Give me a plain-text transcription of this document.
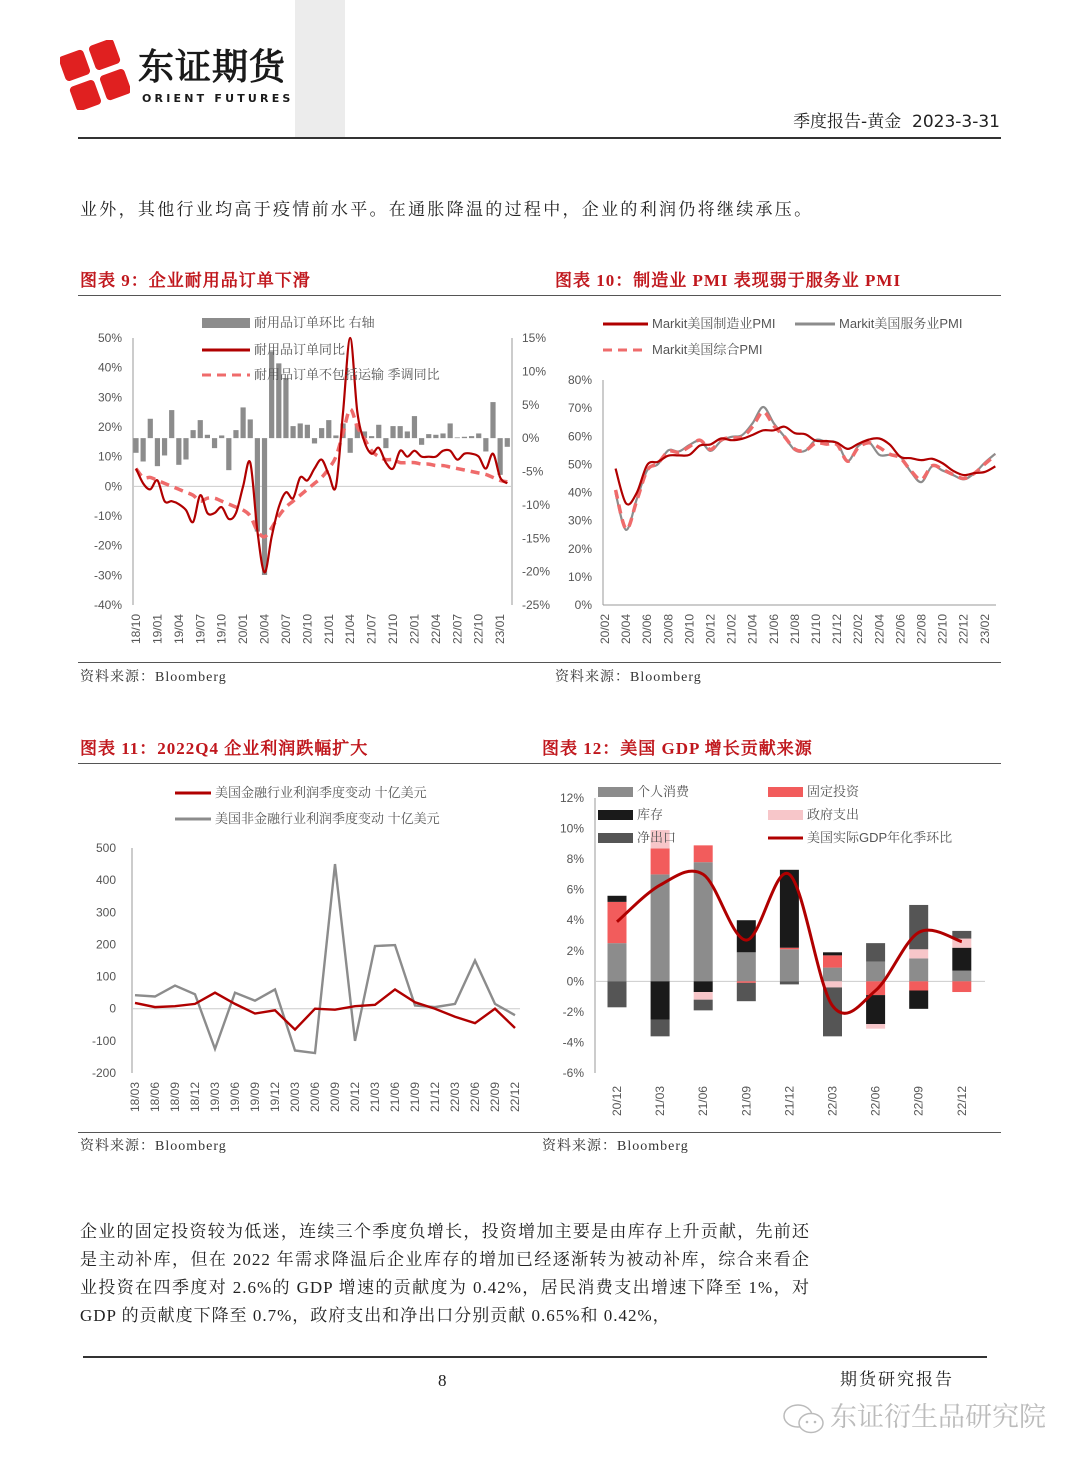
东证期货
ORIENT FUTURES
季度报告-黄金 2023-3-31
业外，其他行业均高于疫情前水平。在通胀降温的过程中，企业的利润仍将继续承压。
图表 9：企业耐用品订单下滑	图表 10：制造业 PMI 表现弱于服务业 PMI
50%
40%
30%
20%
10%
0%
-10%
-20%
-30%
-40%
15%
10%
5%
0%
-5%
-10%
-15%
-20%
-25%
18/10 19/01 19/04 19/07 19/10 20/01 20/04 20/07 20/10 21/01 21/04 21/07 21/10 22/01 22/04 22/07 22/10 23/01
耐用品订单环比 右轴
耐用品订单同比
耐用品订单不包括运输 季调同比	80%
70%
60%
50%
40%
30%
20%
10%
0%
20/02 20/04 20/06 20/08 20/10 20/12 21/02 21/04 21/06 21/08 21/10 21/12 22/02 22/04 22/06 22/08 22/10 22/12 23/02
Markit美国制造业PMI	Markit美国服务业PMI
Markit美国综合PMI
资料来源：Bloomberg	资料来源：Bloomberg
图表 11：2022Q4 企业利润跌幅扩大	图表 12：美国 GDP 增长贡献来源
500
400
300
200
100
0
-100
-200
18/03 18/06 18/09 18/12 19/03 19/06 19/09 19/12 20/03 20/06 20/09 20/12 21/03 21/06 21/09 21/12 22/03 22/06 22/09 22/12
美国金融行业利润季度变动 十亿美元
美国非金融行业利润季度变动 十亿美元
12%
10%
8%
6%
4%
2%
0%
-2%
-4%
-6%
20/12 21/03 21/06 21/09 21/12 22/03 22/06 22/09 22/12
个人消费
库存
净出口
固定投资
政府支出
美国实际GDP年化季环比
资料来源：Bloomberg	资料来源：Bloomberg
企业的固定投资较为低迷，连续三个季度负增长，投资增加主要是由库存上升贡献，先前还是主动补库，但在 2022 年需求降温后企业库存的增加已经逐渐转为被动补库，综合来看企业投资在四季度对 2.6%的 GDP 增速的贡献度为 0.42%，居民消费支出增速下降至 1%，对 GDP 的贡献度下降至 0.7%，政府支出和净出口分别贡献 0.65%和 0.42%，
8	期货研究报告
东证衍生品研究院
